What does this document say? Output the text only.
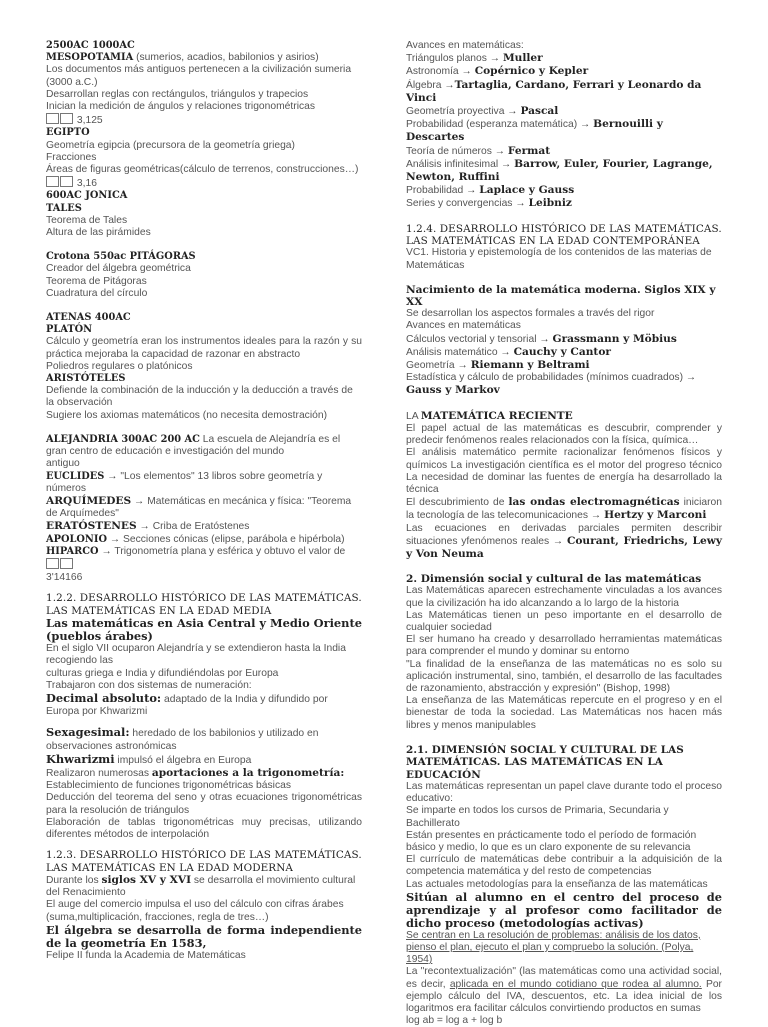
2500AC 1000AC

MESOPOTAMIA (sumerios, acadios, babilonios y asirios)

Los documentos más antiguos pertenecen a la civilización sumeria (3000 a.C.)

Desarrollan reglas con rectángulos, triángulos y trapecios

Inician la medición de ángulos y relaciones trigonométricas

3,125

EGIPTO

Geometría egipcia (precursora de la geometría griega)

Fracciones

Áreas de figuras geométricas(cálculo de terrenos, construcciones…)

3,16

600AC JONICA

TALES

Teorema de Tales

Altura de las pirámides

Crotona 550ac PITÁGORAS

Creador del álgebra geométrica

Teorema de Pitágoras

Cuadratura del círculo

ATENAS 400AC

PLATÓN

Cálculo y geometría eran los instrumentos ideales para la razón y su práctica mejoraba la capacidad de razonar en abstracto

Poliedros regulares o platónicos

ARISTÓTELES

Defiende la combinación de la inducción y la deducción a través de la observación

Sugiere los axiomas matemáticos (no necesita demostración)

ALEJANDRIA 300AC 200 AC La escuela de Alejandría es el gran centro de educación e investigación del mundo

antiguo

EUCLIDES → "Los elementos" 13 libros sobre geometría y números

ARQUÍMEDES → Matemáticas en mecánica y física: "Teorema de Arquímedes"

ERATÓSTENES → Criba de Eratóstenes

APOLONIO → Secciones cónicas (elipse, parábola e hipérbola)

HIPARCO → Trigonometría plana y esférica y obtuvo el valor de

3'14166

1.2.2. DESARROLLO HISTÓRICO DE LAS MATEMÁTICAS. LAS MATEMÁTICAS EN LA EDAD MEDIA

Las matemáticas en Asia Central y Medio Oriente (pueblos árabes)

En el siglo VII ocuparon Alejandría y se extendieron hasta la India recogiendo las

culturas griega e India y difundiéndolas por Europa

Trabajaron con dos sistemas de numeración:

Decimal absoluto: adaptado de la India y difundido por Europa por Khwarizmi

Sexagesimal: heredado de los babilonios y utilizado en observaciones astronómicas

Khwarizmi impulsó el álgebra en Europa

Realizaron numerosas aportaciones a la trigonometría:

Establecimiento de funciones trigonométricas básicas

Deducción del teorema del seno y otras ecuaciones trigonométricas para la resolución de triángulos

Elaboración de tablas trigonométricas muy precisas, utilizando diferentes métodos de interpolación

1.2.3. DESARROLLO HISTÓRICO DE LAS MATEMÁTICAS. LAS MATEMÁTICAS EN LA EDAD MODERNA

Durante los siglos XV y XVI se desarrolla el movimiento cultural del Renacimiento

El auge del comercio impulsa el uso del cálculo con cifras árabes (suma,multiplicación, fracciones, regla de tres…)

El álgebra se desarrolla de forma independiente de la geometría En 1583,

Felipe II funda la Academia de Matemáticas

Avances en matemáticas:

Triángulos planos → Muller

Astronomía → Copérnico y Kepler

Álgebra →Tartaglia, Cardano, Ferrari y Leonardo da Vinci

Geometría proyectiva → Pascal

Probabilidad (esperanza matemática) → Bernouilli y Descartes

Teoría de números → Fermat

Análisis infinitesimal → Barrow, Euler, Fourier, Lagrange, Newton, Ruffini

Probabilidad → Laplace y Gauss

Series y convergencias → Leibniz

1.2.4. DESARROLLO HISTÓRICO DE LAS MATEMÁTICAS. LAS MATEMÁTICAS EN LA EDAD CONTEMPORÁNEA

VC1. Historia y epistemología de los contenidos de las materias de Matemáticas

Nacimiento de la matemática moderna. Siglos XIX y XX

Se desarrollan los aspectos formales a través del rigor

Avances en matemáticas

Cálculos vectorial y tensorial → Grassmann y Möbius

Análisis matemático → Cauchy y Cantor

Geometría → Riemann y Beltrami

Estadística y cálculo de probabilidades (mínimos cuadrados) → Gauss y Markov

LA MATEMÁTICA RECIENTE

El papel actual de las matemáticas es descubrir, comprender y predecir fenómenos reales relacionados con la física, química…

El análisis matemático permite racionalizar fenómenos físicos y químicos La investigación científica es el motor del progreso técnico La necesidad de dominar las fuentes de energía ha desarrollado la técnica

El descubrimiento de las ondas electromagnéticas iniciaron la tecnología de las telecomunicaciones → Hertzy y Marconi

Las ecuaciones en derivadas parciales permiten describir situaciones yfenómenos reales → Courant, Friedrichs, Lewy y Von Neuma

2. Dimensión social y cultural de las matemáticas

Las Matemáticas aparecen estrechamente vinculadas a los avances que la civilización ha ido alcanzando a lo largo de la historia

Las Matemáticas tienen un peso importante en el desarrollo de cualquier sociedad

El ser humano ha creado y desarrollado herramientas matemáticas para comprender el mundo y dominar su entorno

"La finalidad de la enseñanza de las matemáticas no es solo su aplicación instrumental, sino, también, el desarrollo de las facultades de razonamiento, abstracción y expresión" (Bishop, 1998)

La enseñanza de las Matemáticas repercute en el progreso y en el bienestar de toda la sociedad. Las Matemáticas nos hacen más libres y menos manipulables

2.1. DIMENSIÓN SOCIAL Y CULTURAL DE LAS MATEMÁTICAS. LAS MATEMÁTICAS EN LA EDUCACIÓN

Las matemáticas representan un papel clave durante todo el proceso educativo:

Se imparte en todos los cursos de Primaria, Secundaria y Bachillerato

Están presentes en prácticamente todo el período de formación básico y medio, lo que es un claro exponente de su relevancia

El currículo de matemáticas debe contribuir a la adquisición de la competencia matemática y del resto de competencias

Las actuales metodologías para la enseñanza de las matemáticas

Sitúan al alumno en el centro del proceso de aprendizaje y al profesor como facilitador de dicho proceso (metodologías activas)

Se centran en La resolución de problemas: análisis de los datos, pienso el plan, ejecuto el plan y compruebo la solución. (Polya, 1954)

La "recontextualización" (las matemáticas como una actividad social, es decir, aplicada en el mundo cotidiano que rodea al alumno. Por ejemplo cálculo del IVA, descuentos, etc. La idea inicial de los logaritmos era facilitar cálculos convirtiendo productos en sumas

log ab = log a + log b
